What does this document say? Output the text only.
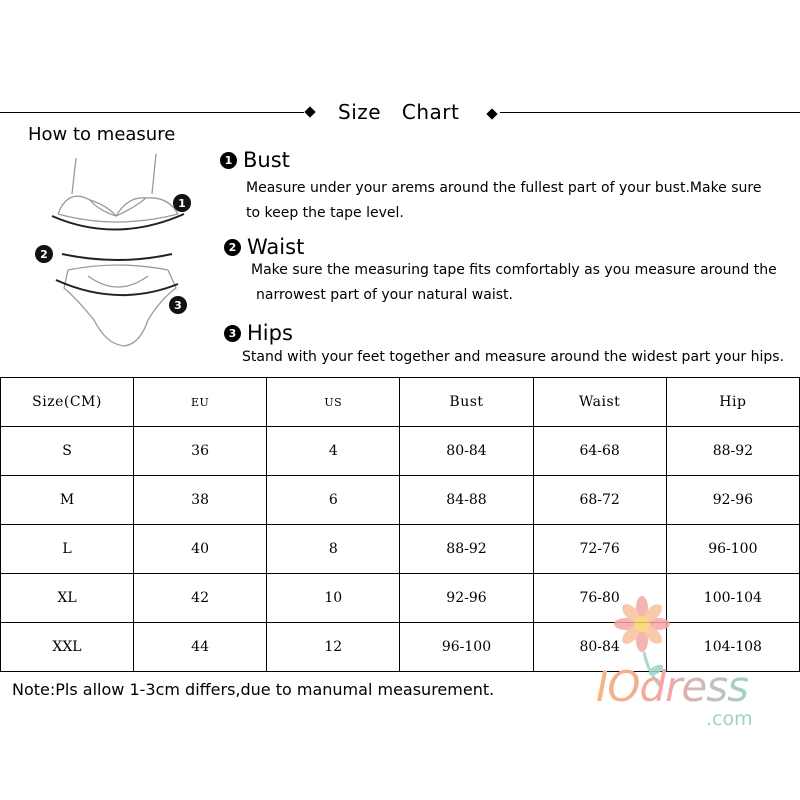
Size Chart
How to measure
1
2
3
1 Bust
Measure under your arems around the fullest part of your bust.Make sure
to keep the tape level.
2 Waist
Make sure the measuring tape fits comfortably as you measure around the
narrowest part of your natural waist.
3 Hips
Stand with your feet together and measure around the widest part your hips.
Size(CM)	EU	US	Bust	Waist	Hip
S	36	4	80-84	64-68	88-92
M	38	6	84-88	68-72	92-96
L	40	8	88-92	72-76	96-100
XL	42	10	92-96	76-80	100-104
XXL	44	12	96-100	80-84	104-108
Note:Pls allow 1-3cm differs,due to manumal measurement. IOdress
.com
